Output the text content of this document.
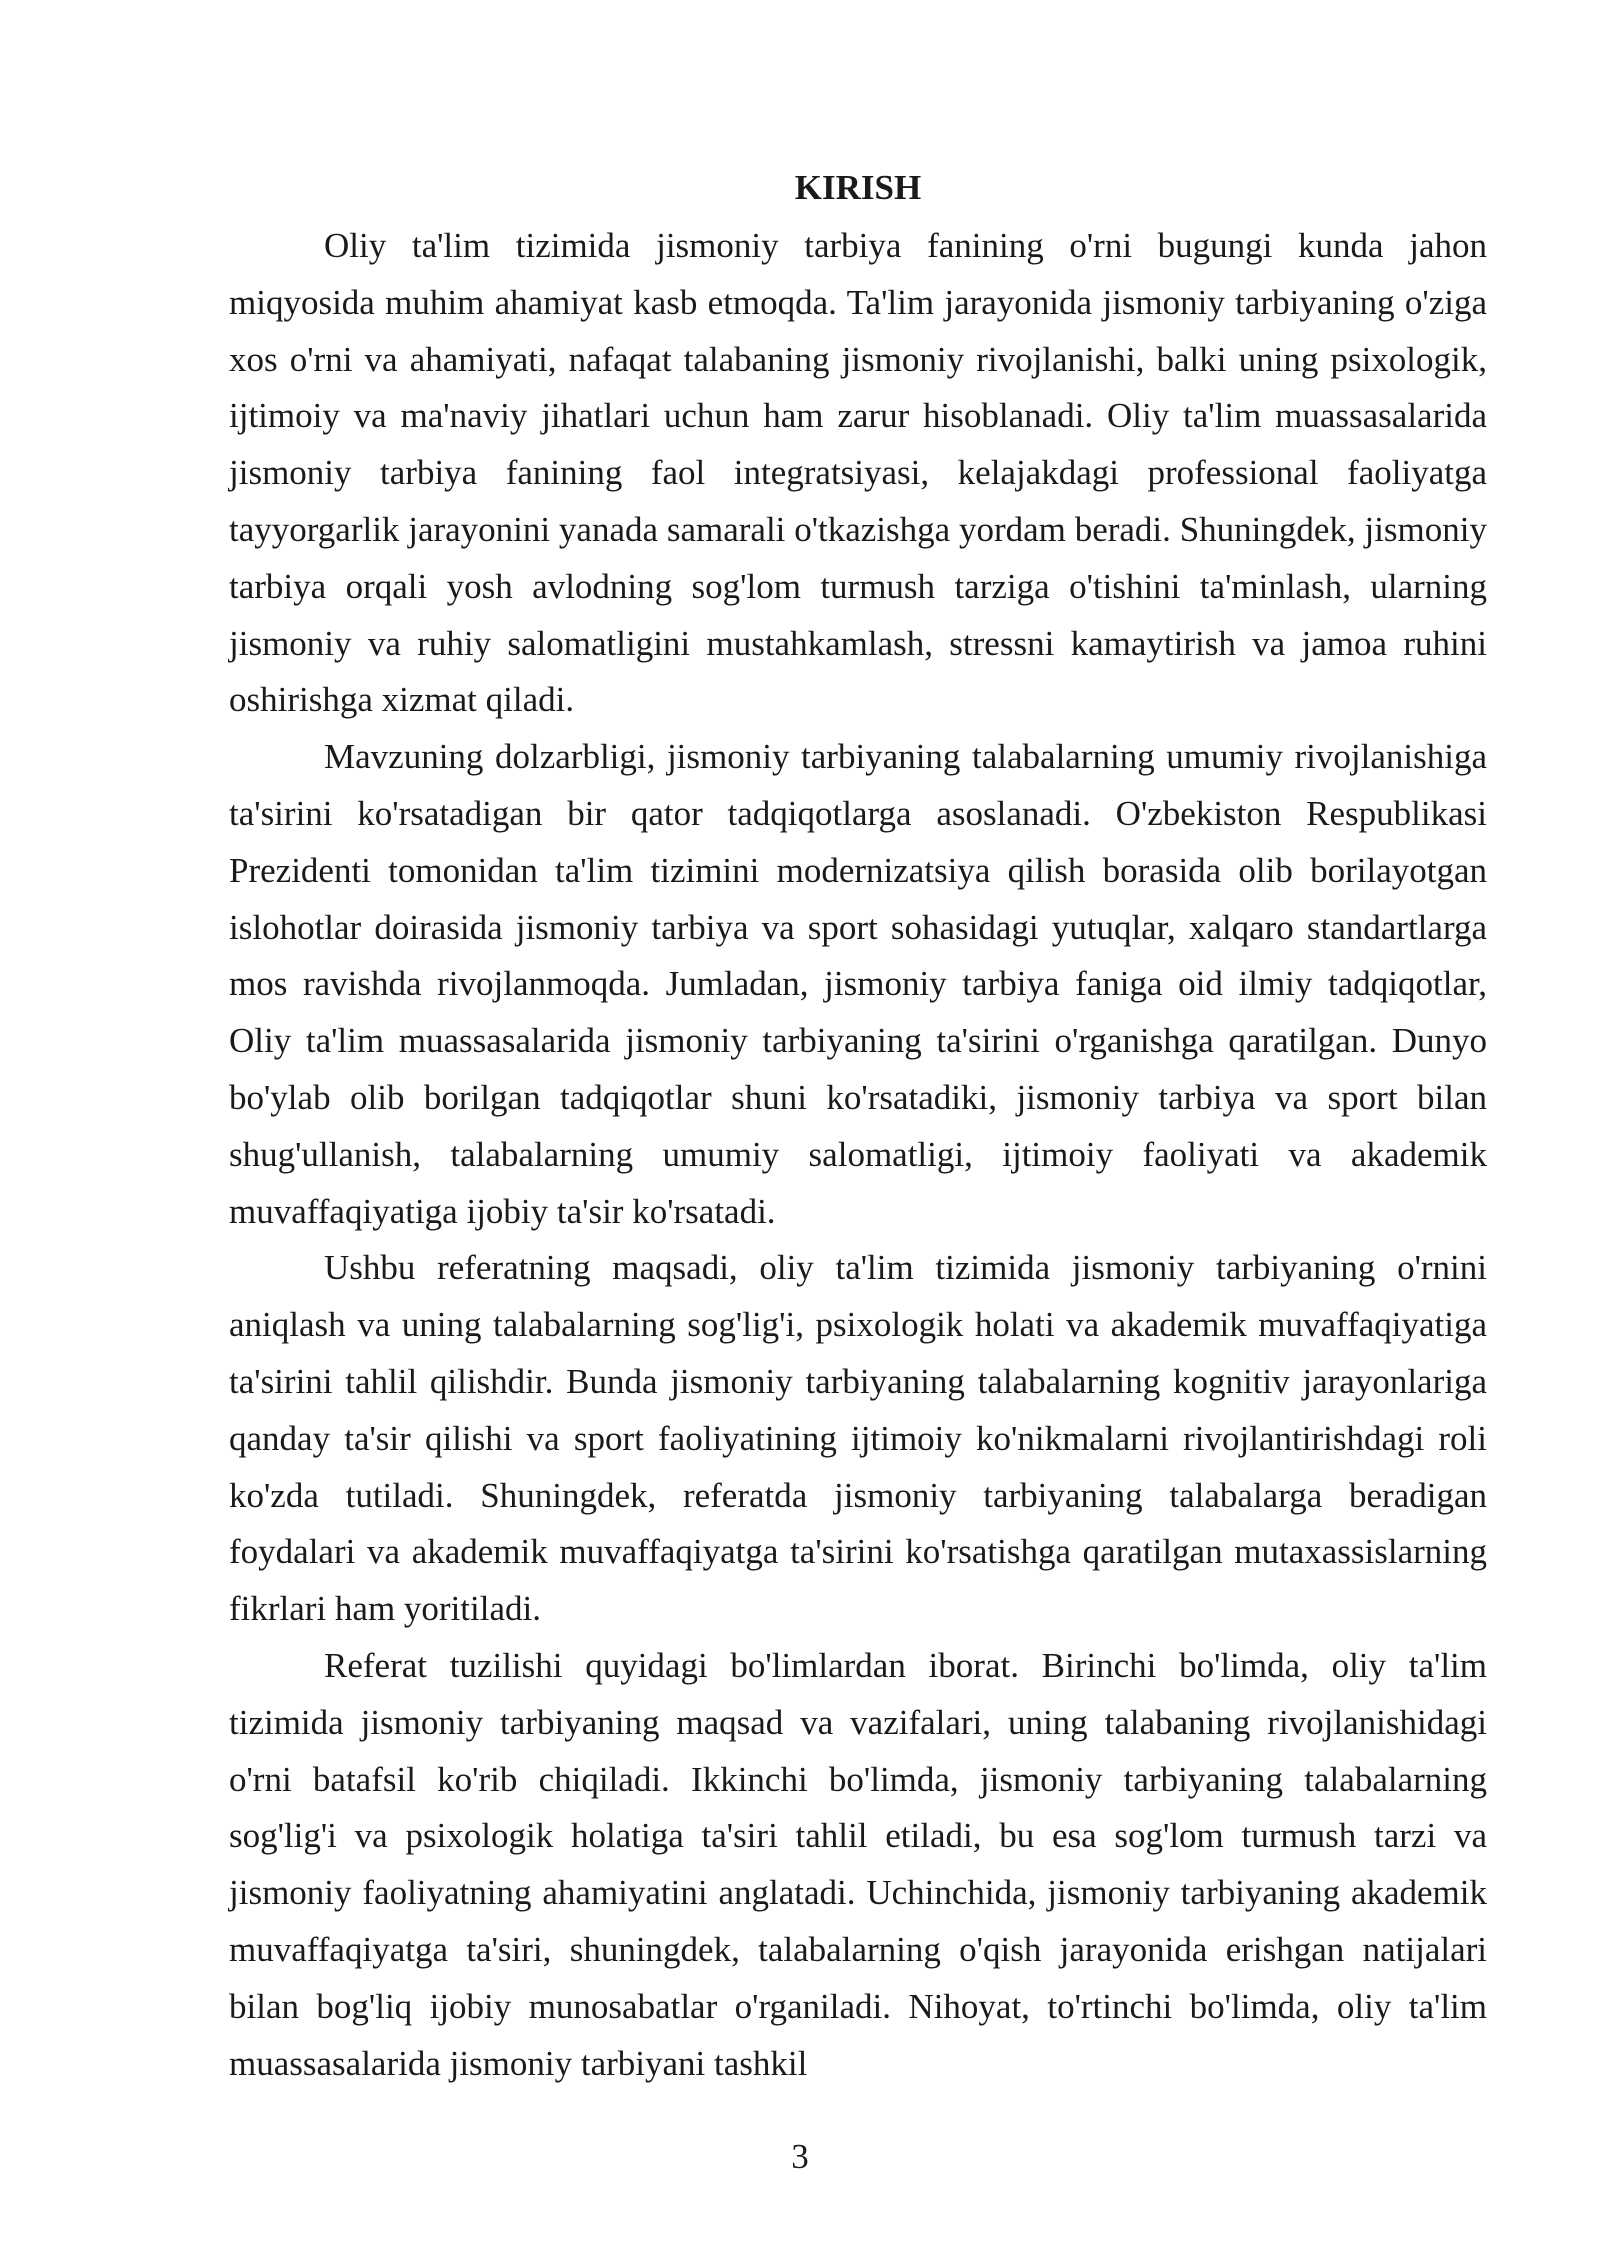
KIRISH

Oliy ta'lim tizimida jismoniy tarbiya fanining o'rni bugungi kunda jahon miqyosida muhim ahamiyat kasb etmoqda. Ta'lim jarayonida jismoniy tarbiyaning o'ziga xos o'rni va ahamiyati, nafaqat talabaning jismoniy rivojlanishi, balki uning psixologik, ijtimoiy va ma'naviy jihatlari uchun ham zarur hisoblanadi. Oliy ta'lim muassasalarida jismoniy tarbiya fanining faol integratsiyasi, kelajakdagi professional faoliyatga tayyorgarlik jarayonini yanada samarali o'tkazishga yordam beradi. Shuningdek, jismoniy tarbiya orqali yosh avlodning sog'lom turmush tarziga o'tishini ta'minlash, ularning jismoniy va ruhiy salomatligini mustahkamlash, stressni kamaytirish va jamoa ruhini oshirishga xizmat qiladi.

Mavzuning dolzarbligi, jismoniy tarbiyaning talabalarning umumiy rivojlanishiga ta'sirini ko'rsatadigan bir qator tadqiqotlarga asoslanadi. O'zbekiston Respublikasi Prezidenti tomonidan ta'lim tizimini modernizatsiya qilish borasida olib borilayotgan islohotlar doirasida jismoniy tarbiya va sport sohasidagi yutuqlar, xalqaro standartlarga mos ravishda rivojlanmoqda. Jumladan, jismoniy tarbiya faniga oid ilmiy tadqiqotlar, Oliy ta'lim muassasalarida jismoniy tarbiyaning ta'sirini o'rganishga qaratilgan. Dunyo bo'ylab olib borilgan tadqiqotlar shuni ko'rsatadiki, jismoniy tarbiya va sport bilan shug'ullanish, talabalarning umumiy salomatligi, ijtimoiy faoliyati va akademik muvaffaqiyatiga ijobiy ta'sir ko'rsatadi.

Ushbu referatning maqsadi, oliy ta'lim tizimida jismoniy tarbiyaning o'rnini aniqlash va uning talabalarning sog'lig'i, psixologik holati va akademik muvaffaqiyatiga ta'sirini tahlil qilishdir. Bunda jismoniy tarbiyaning talabalarning kognitiv jarayonlariga qanday ta'sir qilishi va sport faoliyatining ijtimoiy ko'nikmalarni rivojlantirishdagi roli ko'zda tutiladi. Shuningdek, referatda jismoniy tarbiyaning talabalarga beradigan foydalari va akademik muvaffaqiyatga ta'sirini ko'rsatishga qaratilgan mutaxassislarning fikrlari ham yoritiladi.

Referat tuzilishi quyidagi bo'limlardan iborat. Birinchi bo'limda, oliy ta'lim tizimida jismoniy tarbiyaning maqsad va vazifalari, uning talabaning rivojlanishidagi o'rni batafsil ko'rib chiqiladi. Ikkinchi bo'limda, jismoniy tarbiyaning talabalarning sog'lig'i va psixologik holatiga ta'siri tahlil etiladi, bu esa sog'lom turmush tarzi va jismoniy faoliyatning ahamiyatini anglatadi. Uchinchida, jismoniy tarbiyaning akademik muvaffaqiyatga ta'siri, shuningdek, talabalarning o'qish jarayonida erishgan natijalari bilan bog'liq ijobiy munosabatlar o'rganiladi. Nihoyat, to'rtinchi bo'limda, oliy ta'lim muassasalarida jismoniy tarbiyani tashkil

3
